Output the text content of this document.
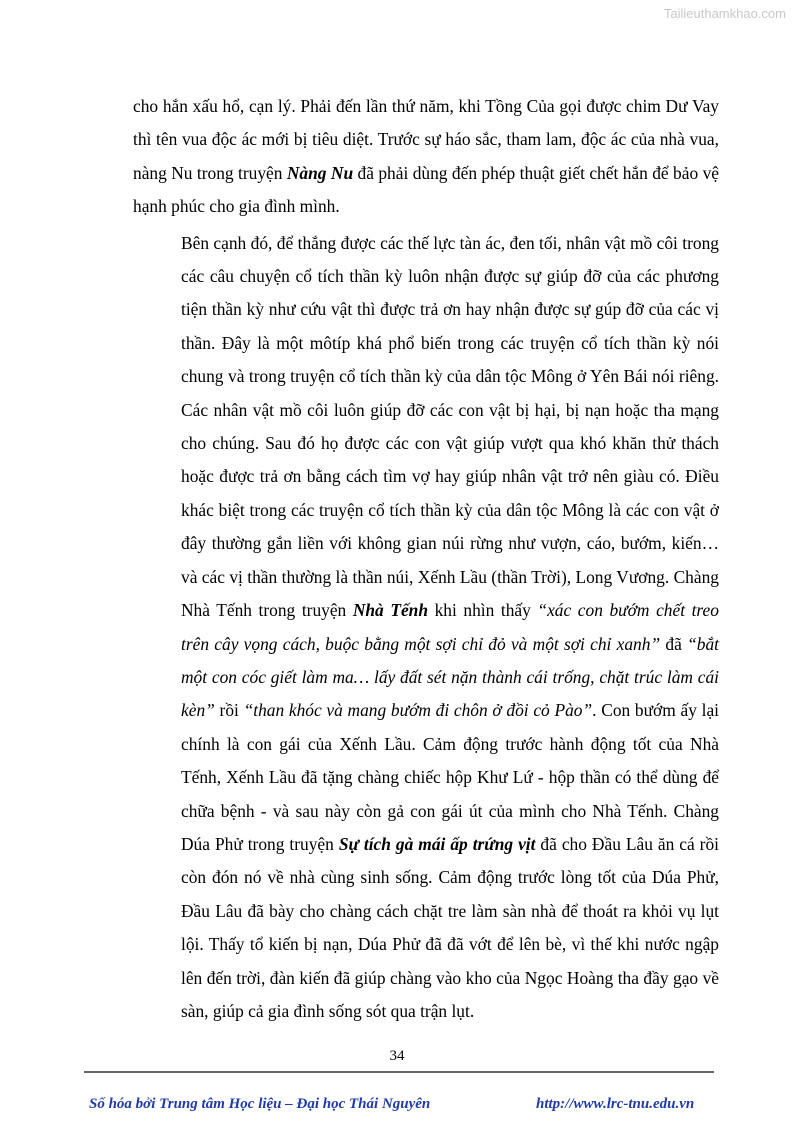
Tailieuthamkhao.com

cho hắn xấu hổ, cạn lý. Phải đến lần thứ năm, khi Tồng Của gọi được chim Dư Vay thì tên vua độc ác mới bị tiêu diệt. Trước sự háo sắc, tham lam, độc ác của nhà vua, nàng Nu trong truyện Nàng Nu đã phải dùng đến phép thuật giết chết hắn để bảo vệ hạnh phúc cho gia đình mình.

Bên cạnh đó, để thắng được các thế lực tàn ác, đen tối, nhân vật mồ côi trong các câu chuyện cổ tích thần kỳ luôn nhận được sự giúp đỡ của các phương tiện thần kỳ như cứu vật thì được trả ơn hay nhận được sự gúp đỡ của các vị thần. Đây là một môtíp khá phổ biến trong các truyện cổ tích thần kỳ nói chung và trong truyện cổ tích thần kỳ của dân tộc Mông ở Yên Bái nói riêng. Các nhân vật mồ côi luôn giúp đỡ các con vật bị hại, bị nạn hoặc tha mạng cho chúng. Sau đó họ được các con vật giúp vượt qua khó khăn thử thách hoặc được trả ơn bằng cách tìm vợ hay giúp nhân vật trở nên giàu có. Điều khác biệt trong các truyện cổ tích thần kỳ của dân tộc Mông là các con vật ở đây thường gắn liền với không gian núi rừng như vượn, cáo, bướm, kiến… và các vị thần thường là thần núi, Xếnh Lầu (thần Trời), Long Vương. Chàng Nhà Tếnh trong truyện Nhà Tếnh khi nhìn thấy “xác con bướm chết treo trên cây vọng cách, buộc bằng một sợi chỉ đỏ và một sợi chỉ xanh” đã “bắt một con cóc giết làm ma… lấy đất sét nặn thành cái trống, chặt trúc làm cái kèn” rồi “than khóc và mang bướm đi chôn ở đồi cỏ Pào”. Con bướm ấy lại chính là con gái của Xếnh Lầu. Cảm động trước hành động tốt của Nhà Tếnh, Xếnh Lầu đã tặng chàng chiếc hộp Khư Lứ - hộp thần có thể dùng để chữa bệnh - và sau này còn gả con gái út của mình cho Nhà Tếnh. Chàng Dúa Phử trong truyện Sự tích gà mái ấp trứng vịt đã cho Đầu Lâu ăn cá rồi còn đón nó về nhà cùng sinh sống. Cảm động trước lòng tốt của Dúa Phử, Đầu Lâu đã bày cho chàng cách chặt tre làm sàn nhà để thoát ra khỏi vụ lụt lội. Thấy tổ kiến bị nạn, Dúa Phử đã đã vớt để lên bè, vì thế khi nước ngập lên đến trời, đàn kiến đã giúp chàng vào kho của Ngọc Hoàng tha đầy gạo về sàn, giúp cả gia đình sống sót qua trận lụt.

34
Số hóa bởi Trung tâm Học liệu – Đại học Thái Nguyên	http://www.lrc-tnu.edu.vn
